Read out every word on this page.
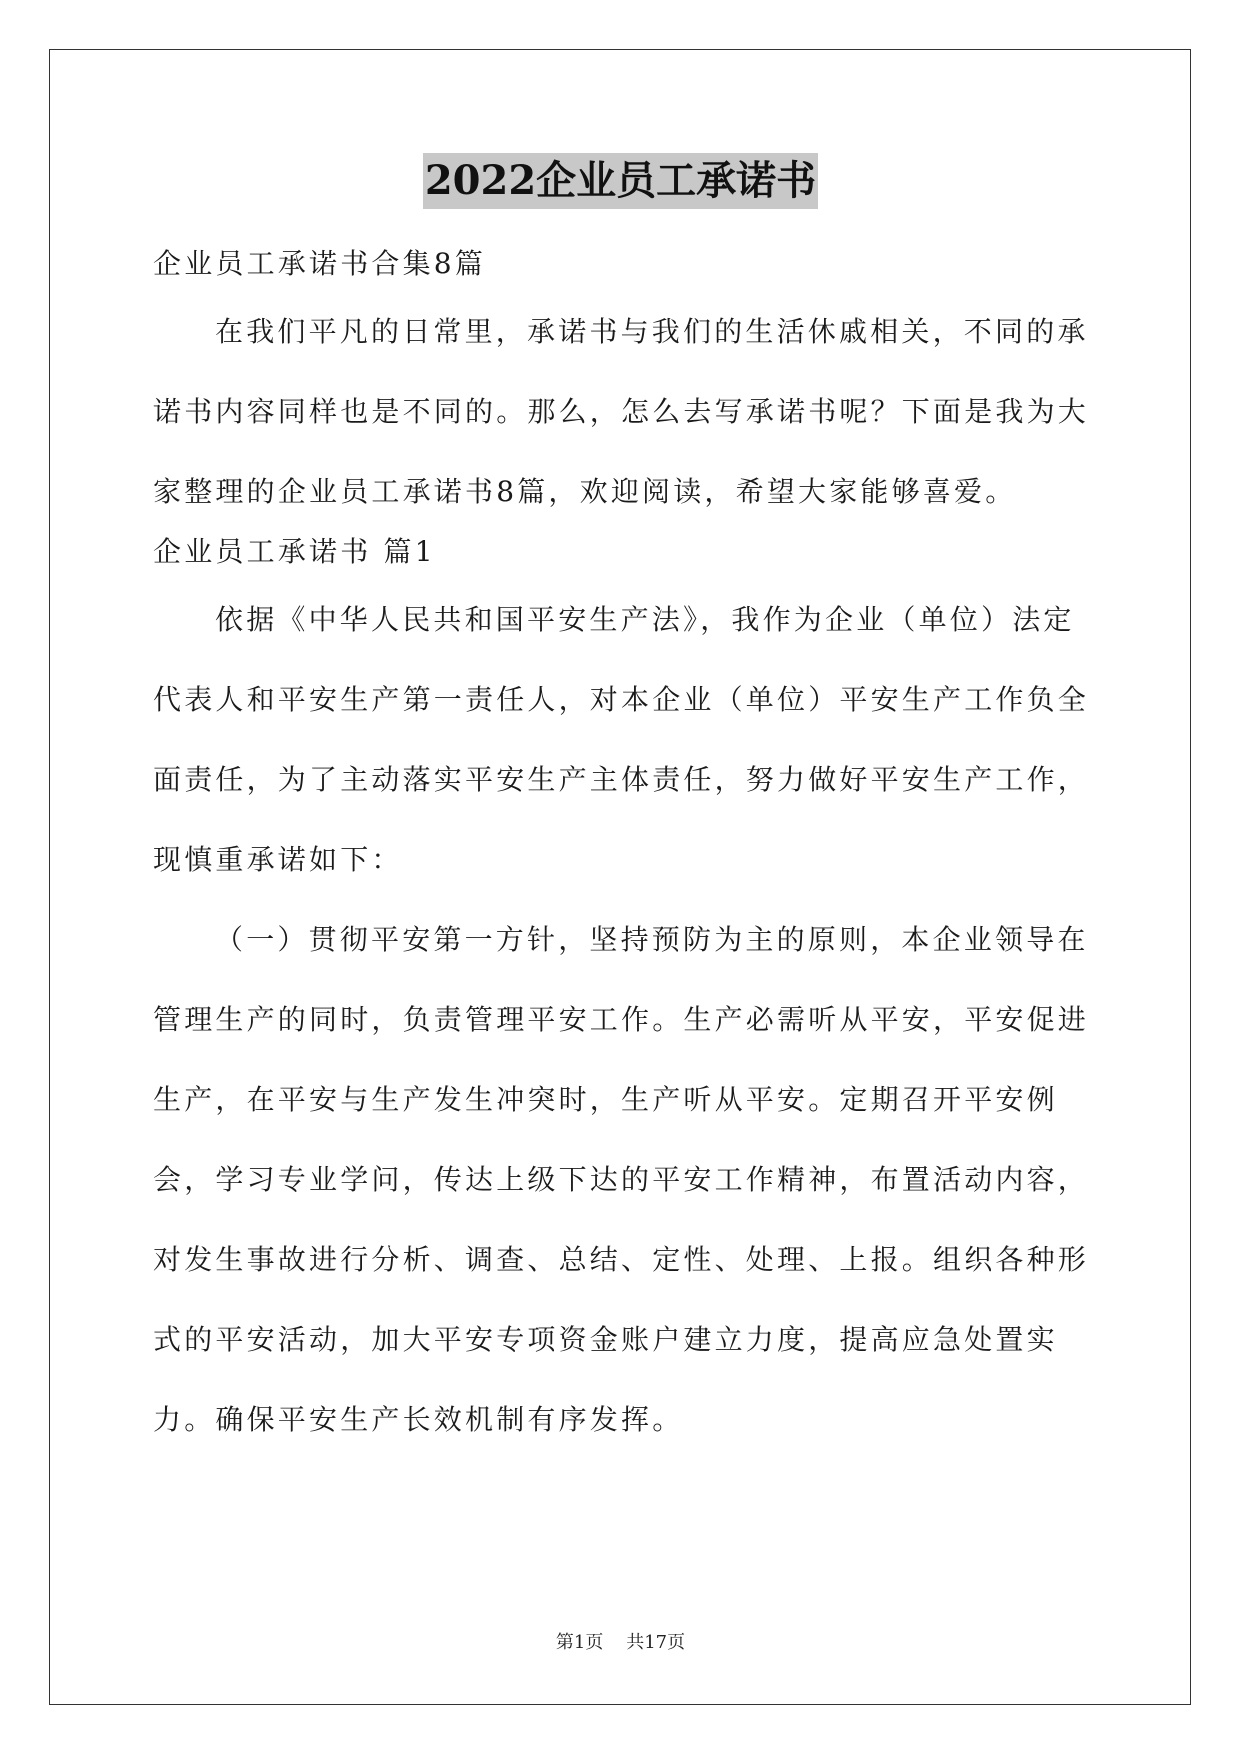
2022企业员工承诺书

企业员工承诺书合集8篇

在我们平凡的日常里，承诺书与我们的生活休戚相关，不同的承诺书内容同样也是不同的。那么，怎么去写承诺书呢？下面是我为大家整理的企业员工承诺书8篇，欢迎阅读，希望大家能够喜爱。

企业员工承诺书 篇1

依据《中华人民共和国平安生产法》，我作为企业（单位）法定代表人和平安生产第一责任人，对本企业（单位）平安生产工作负全面责任，为了主动落实平安生产主体责任，努力做好平安生产工作，现慎重承诺如下：

（一）贯彻平安第一方针，坚持预防为主的原则，本企业领导在管理生产的同时，负责管理平安工作。生产必需听从平安，平安促进生产，在平安与生产发生冲突时，生产听从平安。定期召开平安例会，学习专业学问，传达上级下达的平安工作精神，布置活动内容，对发生事故进行分析、调查、总结、定性、处理、上报。组织各种形式的平安活动，加大平安专项资金账户建立力度，提高应急处置实力。确保平安生产长效机制有序发挥。

第1页 共17页
